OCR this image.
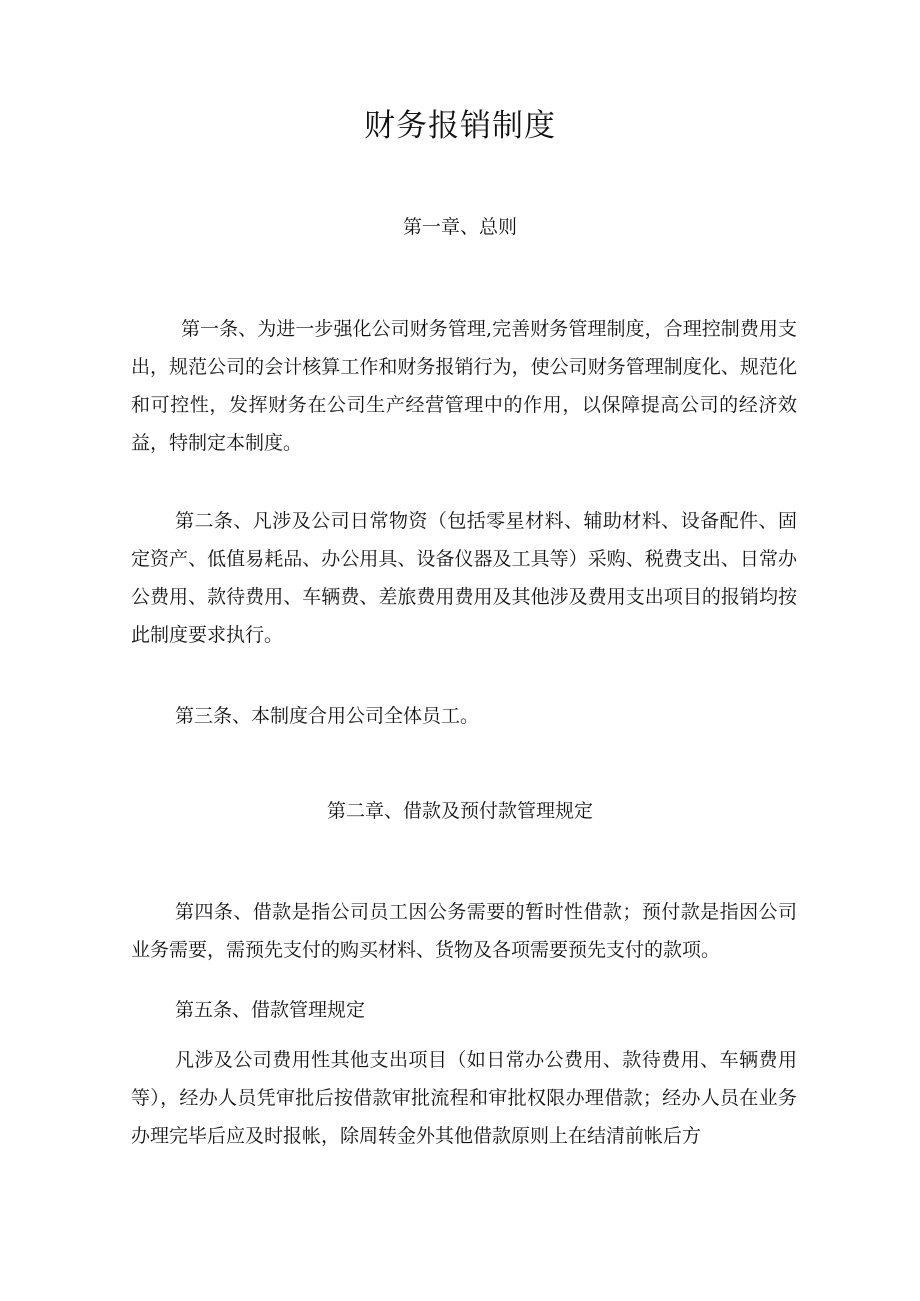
财务报销制度
第一章、总则

第一条、为进一步强化公司财务管理,完善财务管理制度，合理控制费用支出，规范公司的会计核算工作和财务报销行为，使公司财务管理制度化、规范化和可控性，发挥财务在公司生产经营管理中的作用，以保障提高公司的经济效益，特制定本制度。

第二条、凡涉及公司日常物资（包括零星材料、辅助材料、设备配件、固定资产、低值易耗品、办公用具、设备仪器及工具等）采购、税费支出、日常办公费用、款待费用、车辆费、差旅费用费用及其他涉及费用支出项目的报销均按此制度要求执行。

第三条、本制度合用公司全体员工。

第二章、借款及预付款管理规定

第四条、借款是指公司员工因公务需要的暂时性借款；预付款是指因公司业务需要，需预先支付的购买材料、货物及各项需要预先支付的款项。

第五条、借款管理规定

凡涉及公司费用性其他支出项目（如日常办公费用、款待费用、车辆费用等），经办人员凭审批后按借款审批流程和审批权限办理借款；经办人员在业务办理完毕后应及时报帐，除周转金外其他借款原则上在结清前帐后方
